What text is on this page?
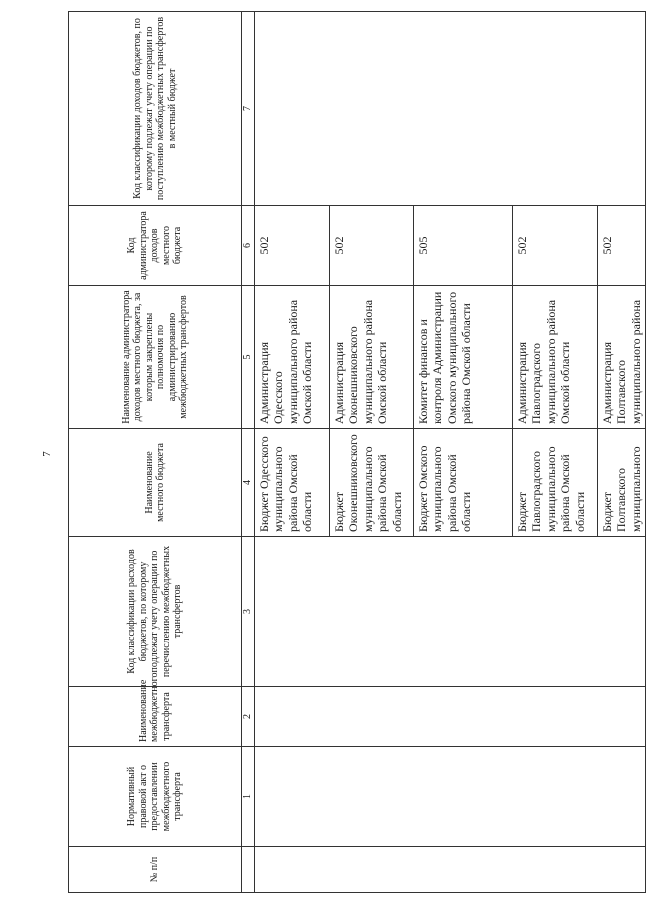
7
№ п/п	Нормативный правовой акт о предоставлении межбюджетного трансферта	Наименование межбюджетного трансферта	Код классификации расходов бюджетов, по которому подлежат учету операции по перечислению межбюджетных трансфертов	Наименование местного бюджета	Наименование администратора доходов местного бюджета, за которым закреплены полномочия по администрированию межбюджетных трансфертов	Код администратора доходов местного бюджета	Код классификации доходов бюджетов, по которому подлежат учету операции по поступлению межбюджетных трансфертов в местный бюджет
	1	2	3	4	5	6	7
				Бюджет Одесского муниципального района Омской области	Администрация Одесского муниципального района Омской области	502	
				Бюджет Оконешниковского муниципального района Омской области	Администрация Оконешниковского муниципального района Омской области	502	
				Бюджет Омского муниципального района Омской области	Комитет финансов и контроля Администрации Омского муниципального района Омской области	505	
				Бюджет Павлоградского муниципального района Омской области	Администрация Павлоградского муниципального района Омской области	502	
				Бюджет Полтавского муниципального	Администрация Полтавского муниципального района	502	
